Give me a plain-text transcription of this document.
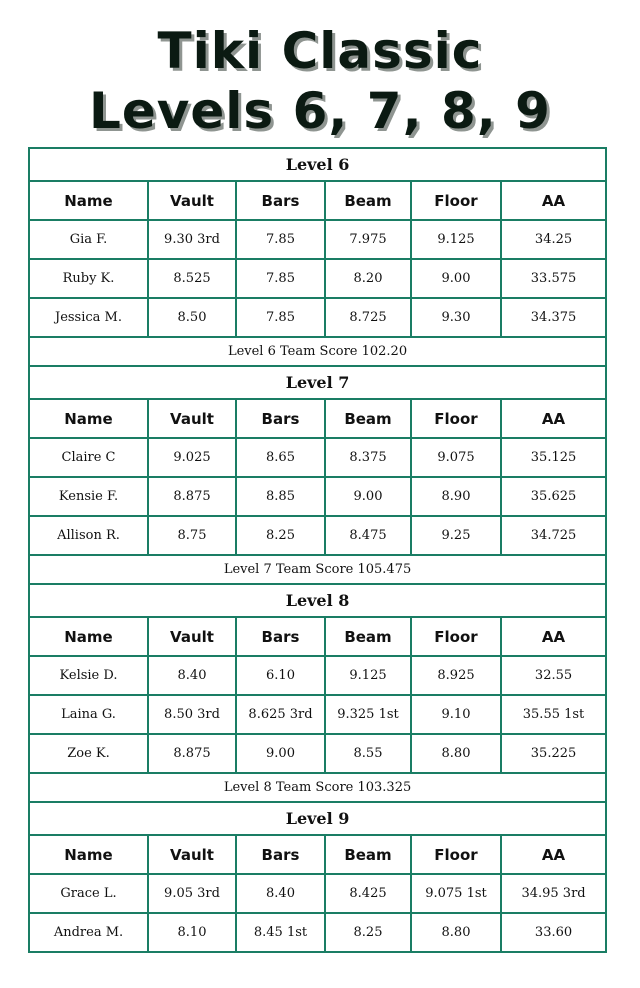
Tiki Classic
Levels 6, 7, 8, 9
Level 6					
Name	Vault	Bars	Beam	Floor	AA
Gia F.	9.30 3rd	7.85	7.975	9.125	34.25
Ruby K.	8.525	7.85	8.20	9.00	33.575
Jessica M.	8.50	7.85	8.725	9.30	34.375
Level 6 Team Score 102.20					
Level 7					
Name	Vault	Bars	Beam	Floor	AA
Claire C	9.025	8.65	8.375	9.075	35.125
Kensie F.	8.875	8.85	9.00	8.90	35.625
Allison R.	8.75	8.25	8.475	9.25	34.725
Level 7 Team Score 105.475					
Level 8					
Name	Vault	Bars	Beam	Floor	AA
Kelsie D.	8.40	6.10	9.125	8.925	32.55
Laina G.	8.50 3rd	8.625 3rd	9.325 1st	9.10	35.55 1st
Zoe K.	8.875	9.00	8.55	8.80	35.225
Level 8 Team Score 103.325					
Level 9					
Name	Vault	Bars	Beam	Floor	AA
Grace L.	9.05 3rd	8.40	8.425	9.075 1st	34.95 3rd
Andrea M.	8.10	8.45 1st	8.25	8.80	33.60
